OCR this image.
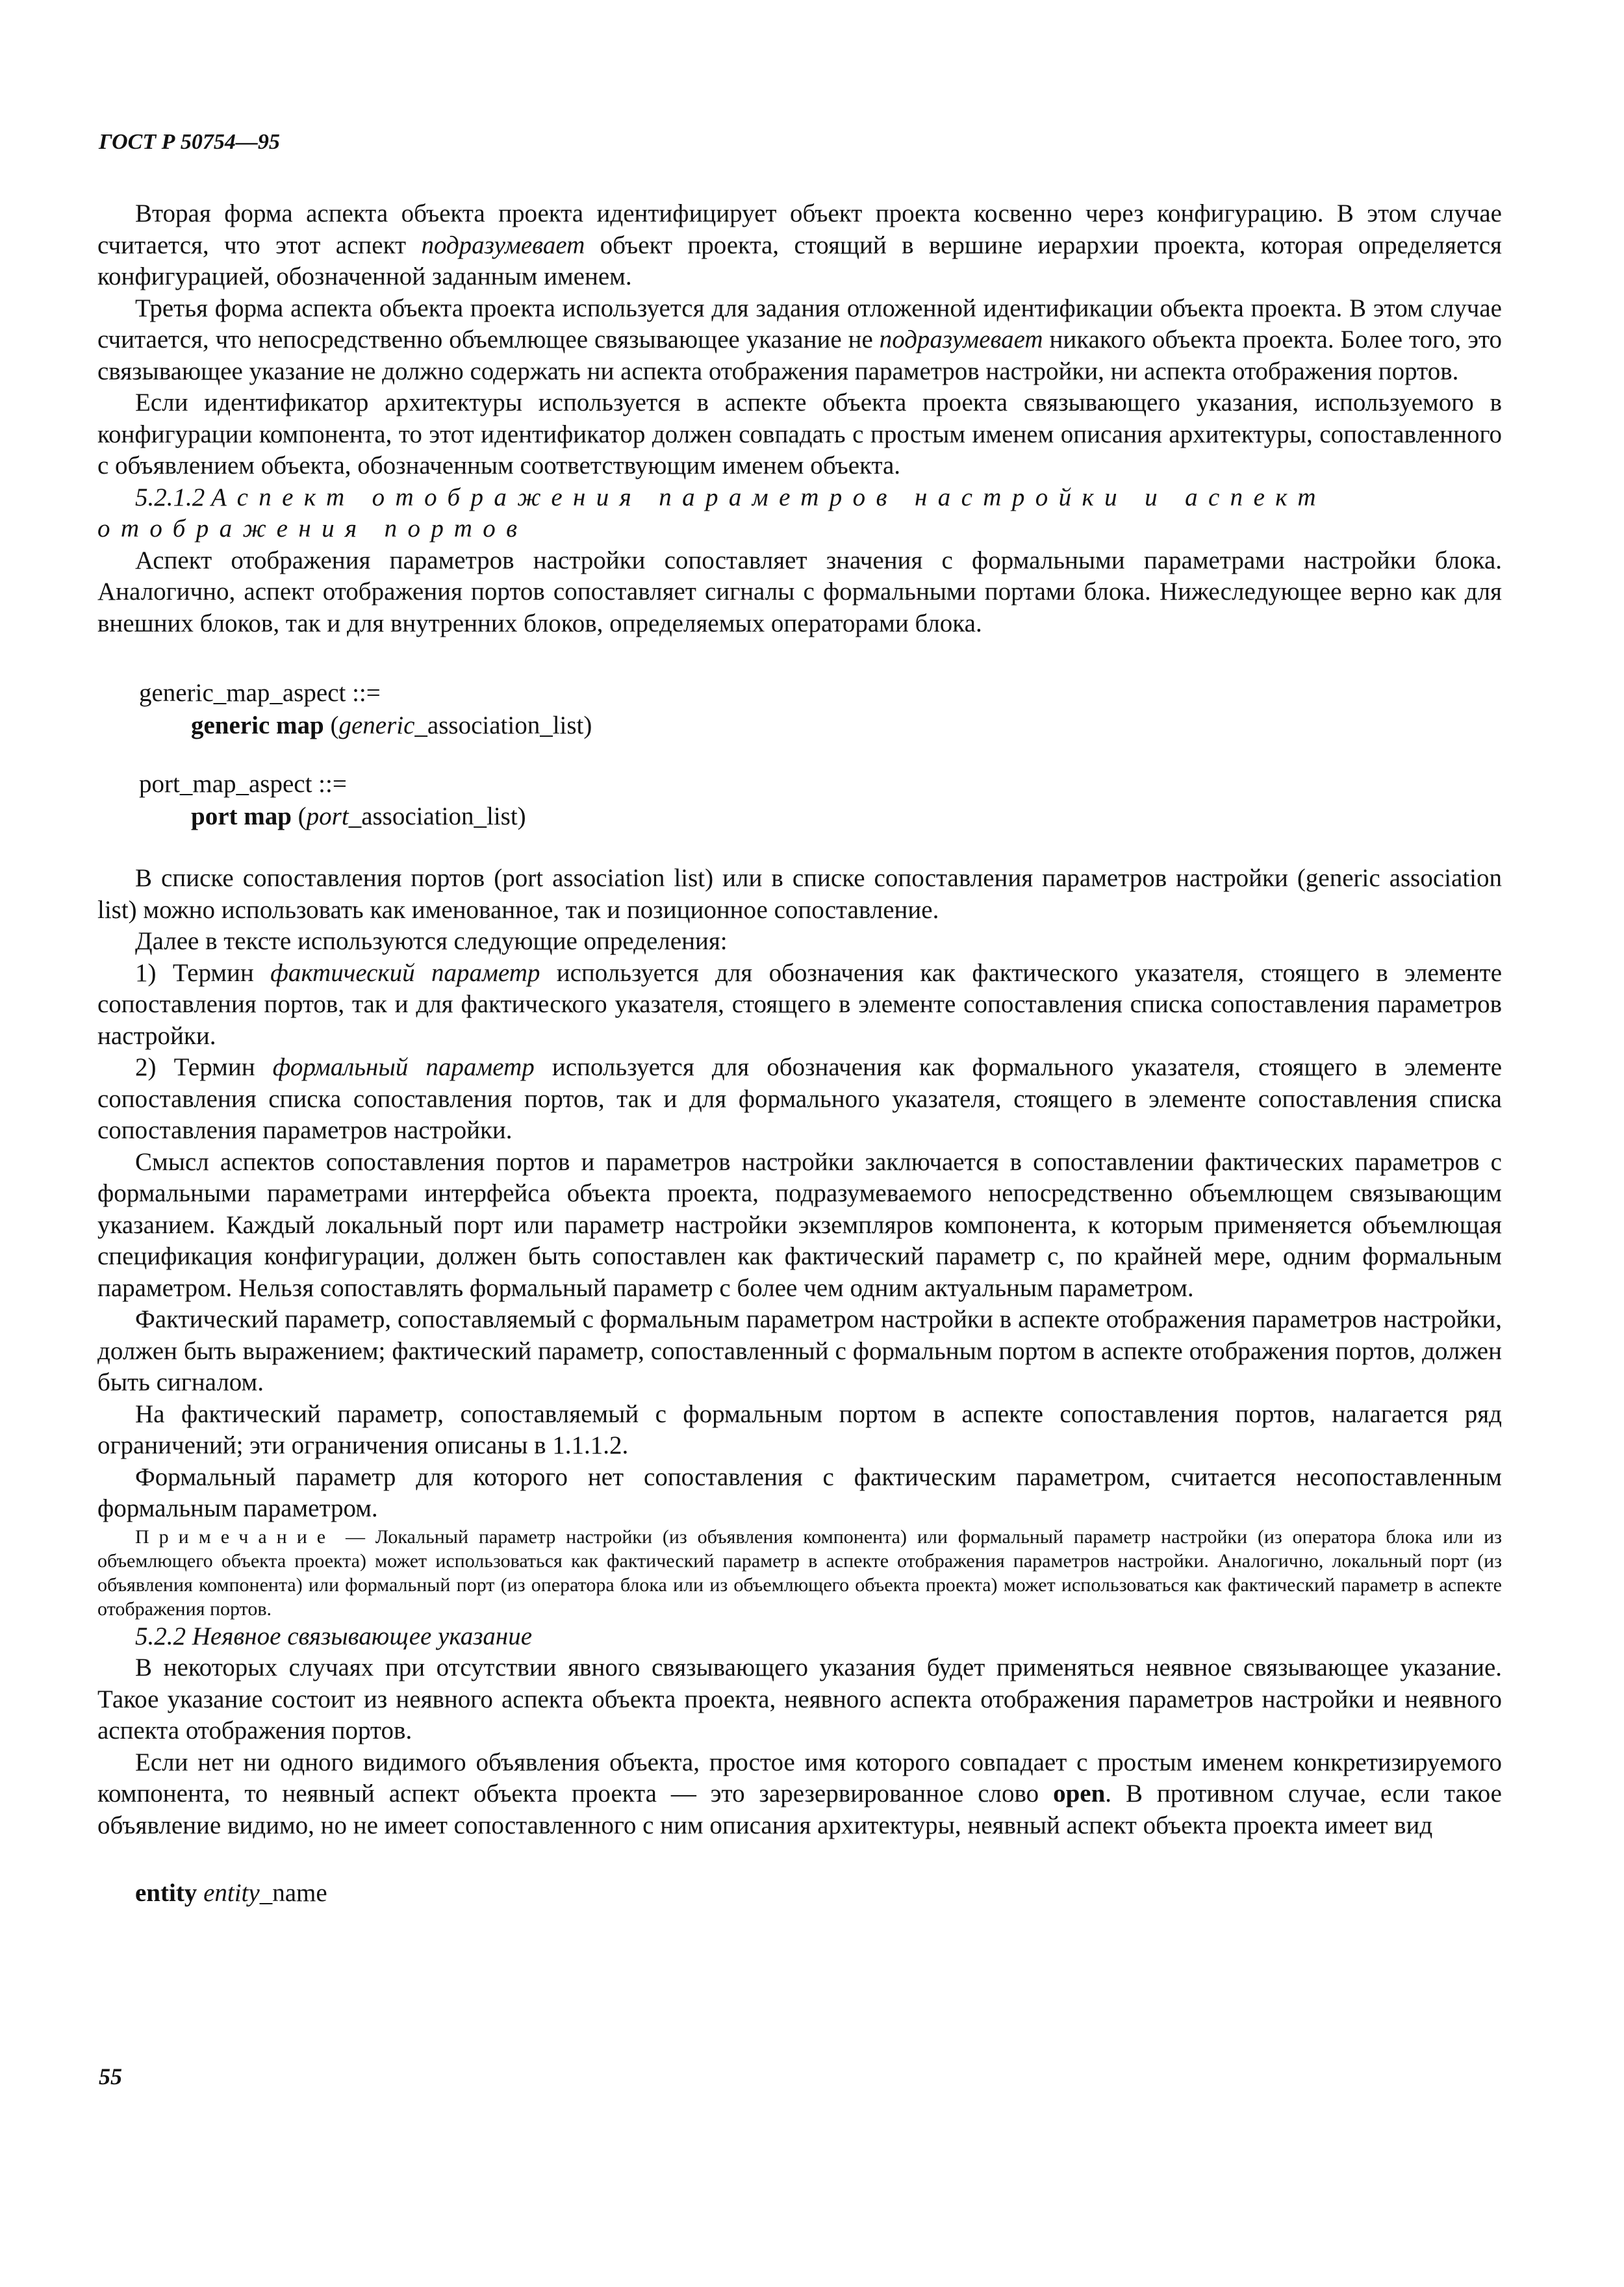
ГОСТ Р 50754—95

Вторая форма аспекта объекта проекта идентифицирует объект проекта косвенно через конфигурацию. В этом случае считается, что этот аспект подразумевает объект проекта, стоящий в вершине иерархии проекта, которая определяется конфигурацией, обозначенной заданным именем.

Третья форма аспекта объекта проекта используется для задания отложенной идентификации объекта проекта. В этом случае считается, что непосредственно объемлющее связывающее указание не подразумевает никакого объекта проекта. Более того, это связывающее указание не должно содержать ни аспекта отображения параметров настройки, ни аспекта отображения портов.

Если идентификатор архитектуры используется в аспекте объекта проекта связывающего указания, используемого в конфигурации компонента, то этот идентификатор должен совпадать с простым именем описания архитектуры, сопоставленного с объявлением объекта, обозначенным соответствующим именем объекта.

5.2.1.2 Аспект отображения параметров настройки и аспект отображения портов

Аспект отображения параметров настройки сопоставляет значения с формальными параметрами настройки блока. Аналогично, аспект отображения портов сопоставляет сигналы с формальными портами блока. Нижеследующее верно как для внешних блоков, так и для внутренних блоков, определяемых операторами блока.

generic_map_aspect ::=
generic map (generic_association_list)
port_map_aspect ::=
port map (port_association_list)

В списке сопоставления портов (port association list) или в списке сопоставления параметров настройки (generic association list) можно использовать как именованное, так и позиционное сопоставление.

Далее в тексте используются следующие определения:

1) Термин фактический параметр используется для обозначения как фактического указателя, стоящего в элементе сопоставления портов, так и для фактического указателя, стоящего в элементе сопоставления списка сопоставления параметров настройки.

2) Термин формальный параметр используется для обозначения как формального указателя, стоящего в элементе сопоставления списка сопоставления портов, так и для формального указателя, стоящего в элементе сопоставления списка сопоставления параметров настройки.

Смысл аспектов сопоставления портов и параметров настройки заключается в сопоставлении фактических параметров с формальными параметрами интерфейса объекта проекта, подразумеваемого непосредственно объемлющем связывающим указанием. Каждый локальный порт или параметр настройки экземпляров компонента, к которым применяется объемлющая спецификация конфигурации, должен быть сопоставлен как фактический параметр с, по крайней мере, одним формальным параметром. Нельзя сопоставлять формальный параметр с более чем одним актуальным параметром.

Фактический параметр, сопоставляемый с формальным параметром настройки в аспекте отображения параметров настройки, должен быть выражением; фактический параметр, сопоставленный с формальным портом в аспекте отображения портов, должен быть сигналом.

На фактический параметр, сопоставляемый с формальным портом в аспекте сопоставления портов, налагается ряд ограничений; эти ограничения описаны в 1.1.1.2.

Формальный параметр для которого нет сопоставления с фактическим параметром, считается несопоставленным формальным параметром.

Примечание — Локальный параметр настройки (из объявления компонента) или формальный параметр настройки (из оператора блока или из объемлющего объекта проекта) может использоваться как фактический параметр в аспекте отображения параметров настройки. Аналогично, локальный порт (из объявления компонента) или формальный порт (из оператора блока или из объемлющего объекта проекта) может использоваться как фактический параметр в аспекте отображения портов.

5.2.2 Неявное связывающее указание

В некоторых случаях при отсутствии явного связывающего указания будет применяться неявное связывающее указание. Такое указание состоит из неявного аспекта объекта проекта, неявного аспекта отображения параметров настройки и неявного аспекта отображения портов.

Если нет ни одного видимого объявления объекта, простое имя которого совпадает с простым именем конкретизируемого компонента, то неявный аспект объекта проекта — это зарезервированное слово open. В противном случае, если такое объявление видимо, но не имеет сопоставленного с ним описания архитектуры, неявный аспект объекта проекта имеет вид

entity entity_name
55
